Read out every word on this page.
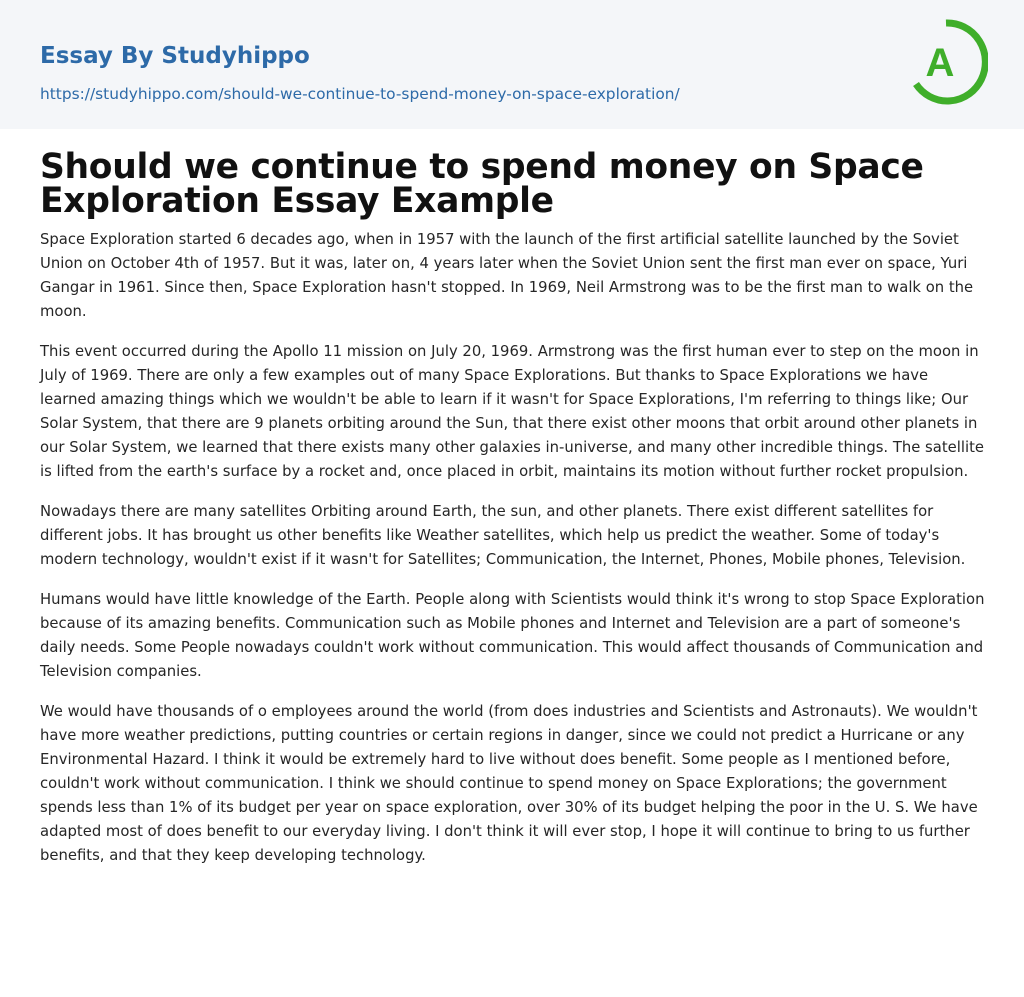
Essay By Studyhippo
https://studyhippo.com/should-we-continue-to-spend-money-on-space-exploration/
A
Should we continue to spend money on Space Exploration Essay Example

Space Exploration started 6 decades ago, when in 1957 with the launch of the first artificial satellite launched by the Soviet Union on October 4th of 1957. But it was, later on, 4 years later when the Soviet Union sent the first man ever on space, Yuri Gangar in 1961. Since then, Space Exploration hasn't stopped. In 1969, Neil Armstrong was to be the first man to walk on the moon.

This event occurred during the Apollo 11 mission on July 20, 1969. Armstrong was the first human ever to step on the moon in July of 1969. There are only a few examples out of many Space Explorations. But thanks to Space Explorations we have learned amazing things which we wouldn't be able to learn if it wasn't for Space Explorations, I'm referring to things like; Our Solar System, that there are 9 planets orbiting around the Sun, that there exist other moons that orbit around other planets in our Solar System, we learned that there exists many other galaxies in-universe, and many other incredible things. The satellite is lifted from the earth's surface by a rocket and, once placed in orbit, maintains its motion without further rocket propulsion.

Nowadays there are many satellites Orbiting around Earth, the sun, and other planets. There exist different satellites for different jobs. It has brought us other benefits like Weather satellites, which help us predict the weather. Some of today's modern technology, wouldn't exist if it wasn't for Satellites; Communication, the Internet, Phones, Mobile phones, Television.

Humans would have little knowledge of the Earth. People along with Scientists would think it's wrong to stop Space Exploration because of its amazing benefits. Communication such as Mobile phones and Internet and Television are a part of someone's daily needs. Some People nowadays couldn't work without communication. This would affect thousands of Communication and Television companies.

We would have thousands of o employees around the world (from does industries and Scientists and Astronauts). We wouldn't have more weather predictions, putting countries or certain regions in danger, since we could not predict a Hurricane or any Environmental Hazard. I think it would be extremely hard to live without does benefit. Some people as I mentioned before, couldn't work without communication. I think we should continue to spend money on Space Explorations; the government spends less than 1% of its budget per year on space exploration, over 30% of its budget helping the poor in the U. S. We have adapted most of does benefit to our everyday living. I don't think it will ever stop, I hope it will continue to bring to us further benefits, and that they keep developing technology.
